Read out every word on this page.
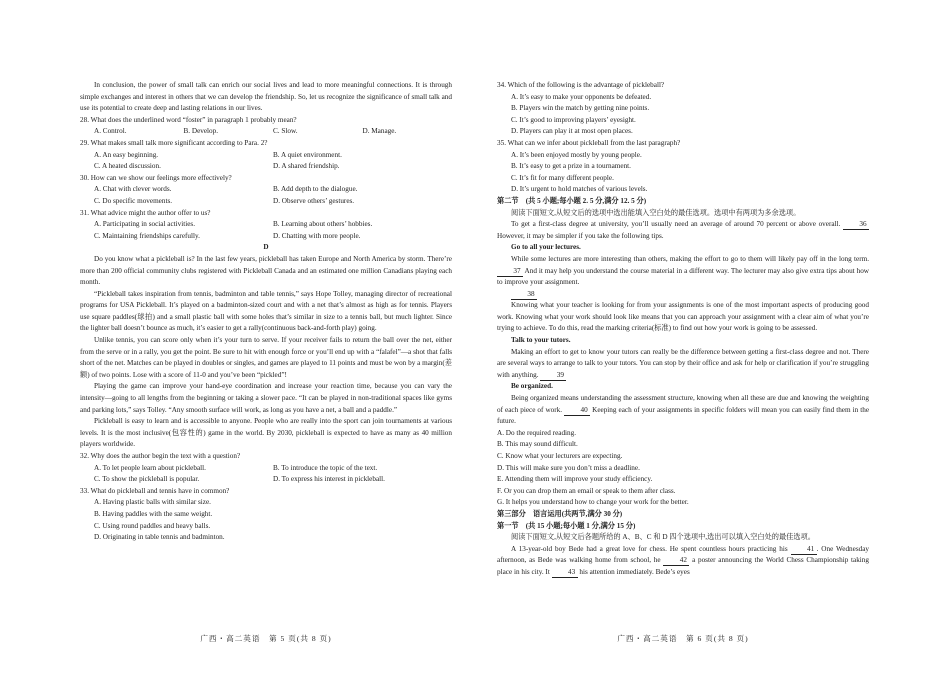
In conclusion, the power of small talk can enrich our social lives and lead to more meaningful connections. It is through simple exchanges and interest in others that we can develop the friendship. So, let us recognize the significance of small talk and use its potential to create deep and lasting relations in our lives.
28. What does the underlined word “foster” in paragraph 1 probably mean?
A. Control.	B. Develop.	C. Slow.	D. Manage.
29. What makes small talk more significant according to Para. 2?
A. An easy beginning.	B. A quiet environment.
C. A heated discussion.	D. A shared friendship.
30. How can we show our feelings more effectively?
A. Chat with clever words.	B. Add depth to the dialogue.
C. Do specific movements.	D. Observe others’ gestures.
31. What advice might the author offer to us?
A. Participating in social activities.	B. Learning about others’ hobbies.
C. Maintaining friendships carefully.	D. Chatting with more people.
D
Do you know what a pickleball is? In the last few years, pickleball has taken Europe and North America by storm. There’re more than 200 official community clubs registered with Pickleball Canada and an estimated one million Canadians playing each month.
“Pickleball takes inspiration from tennis, badminton and table tennis,” says Hope Tolley, managing director of recreational programs for USA Pickleball. It’s played on a badminton-sized court and with a net that’s almost as high as for tennis. Players use square paddles(球拍) and a small plastic ball with some holes that’s similar in size to a tennis ball, but much lighter. Since the lighter ball doesn’t bounce as much, it’s easier to get a rally(continuous back-and-forth play) going.
Unlike tennis, you can score only when it’s your turn to serve. If your receiver fails to return the ball over the net, either from the serve or in a rally, you get the point. Be sure to hit with enough force or you’ll end up with a “falafel”—a shot that falls short of the net. Matches can be played in doubles or singles, and games are played to 11 points and must be won by a margin(差额) of two points. Lose with a score of 11-0 and you’ve been “pickled”!
Playing the game can improve your hand-eye coordination and increase your reaction time, because you can vary the intensity—going to all lengths from the beginning or taking a slower pace. “It can be played in non-traditional spaces like gyms and parking lots,” says Tolley. “Any smooth surface will work, as long as you have a net, a ball and a paddle.”
Pickleball is easy to learn and is accessible to anyone. People who are really into the sport can join tournaments at various levels. It is the most inclusive(包容性的) game in the world. By 2030, pickleball is expected to have as many as 40 million players worldwide.
32. Why does the author begin the text with a question?
A. To let people learn about pickleball.	B. To introduce the topic of the text.
C. To show the pickleball is popular.	D. To express his interest in pickleball.
33. What do pickleball and tennis have in common?
A. Having plastic balls with similar size.
B. Having paddles with the same weight.
C. Using round paddles and heavy balls.
D. Originating in table tennis and badminton.
34. Which of the following is the advantage of pickleball?
A. It’s easy to make your opponents be defeated.
B. Players win the match by getting nine points.
C. It’s good to improving players’ eyesight.
D. Players can play it at most open places.
35. What can we infer about pickleball from the last paragraph?
A. It’s been enjoyed mostly by young people.
B. It’s easy to get a prize in a tournament.
C. It’s fit for many different people.
D. It’s urgent to hold matches of various levels.
第二节　(共 5 小题;每小题 2. 5 分,满分 12. 5 分)
阅读下面短文,从短文后的选项中选出能填入空白处的最佳选项。选项中有两项为多余选项。
To get a first-class degree at university, you’ll usually need an average of around 70 percent or above overall.	36 However, it may be simpler if you take the following tips.
Go to all your lectures.
While some lectures are more interesting than others, making the effort to go to them will likely pay off in the long term. 37 And it may help you understand the course material in a different way. The lecturer may also give extra tips about how to improve your assignment.
38
Knowing what your teacher is looking for from your assignments is one of the most important aspects of producing good work. Knowing what your work should look like means that you can approach your assignment with a clear aim of what you’re trying to achieve. To do this, read the marking criteria(标准) to find out how your work is going to be assessed.
Talk to your tutors.
Making an effort to get to know your tutors can really be the difference between getting a first-class degree and not. There are several ways to arrange to talk to your tutors. You can stop by their office and ask for help or clarification if you’re struggling with anything.	39
Be organized.
Being organized means understanding the assessment structure, knowing when all these are due and knowing the weighting of each piece of work.	40 Keeping each of your assignments in specific folders will mean you can easily find them in the future.
A. Do the required reading.
B. This may sound difficult.
C. Know what your lecturers are expecting.
D. This will make sure you don’t miss a deadline.
E. Attending them will improve your study efficiency.
F. Or you can drop them an email or speak to them after class.
G. It helps you understand how to change your work for the better.
第三部分　语言运用(共两节,满分 30 分)
第一节　(共 15 小题;每小题 1 分,满分 15 分)
阅读下面短文,从短文后各题所给的 A、B、C 和 D 四个选项中,选出可以填入空白处的最佳选项。
A 13-year-old boy Bede had a great love for chess. He spent countless hours practicing his	41 . One Wednesday afternoon, as Bede was walking home from school, he	42 a poster announcing the World Chess Championship taking place in his city. It	43 his attention immediately. Bede’s eyes
广西・高二英语　第 5 页(共 8 页)	广西・高二英语　第 6 页(共 8 页)
